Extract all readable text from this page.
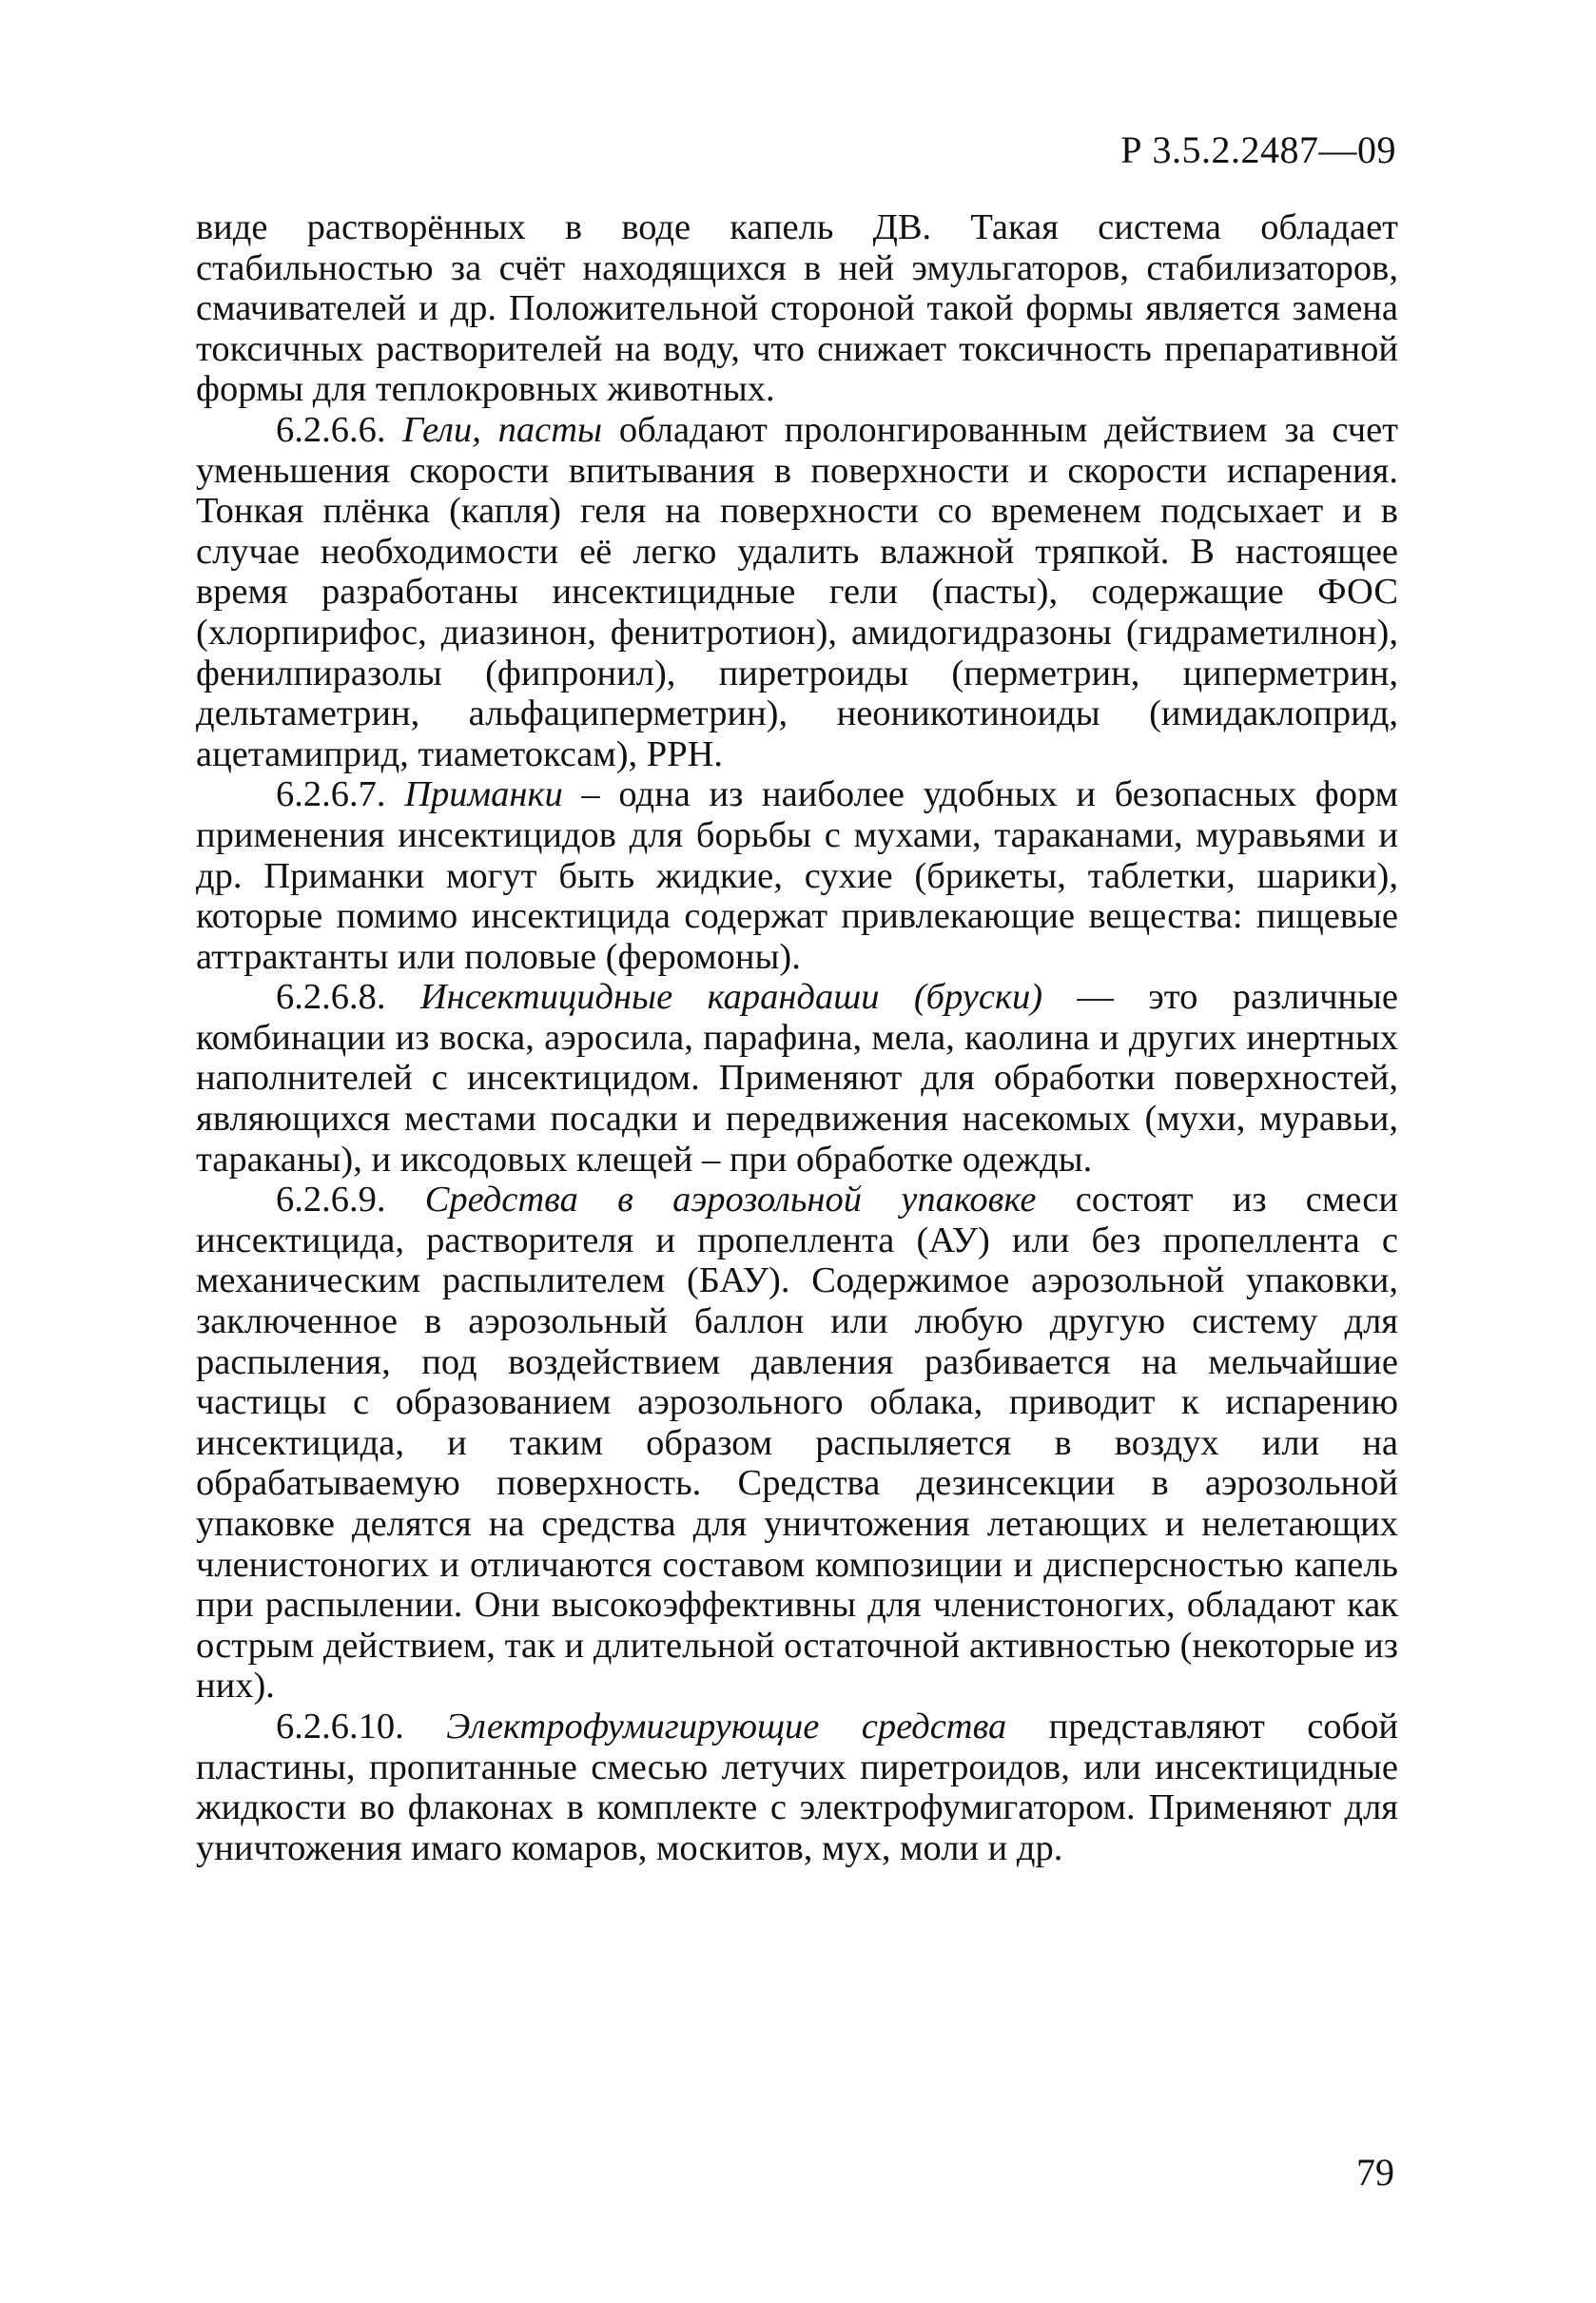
Р 3.5.2.2487—09

виде растворённых в воде капель ДВ. Такая система обладает стабильностью за счёт находящихся в ней эмульгаторов, стабилизаторов, смачивателей и др. Положительной стороной такой формы является замена токсичных растворителей на воду, что снижает токсичность препаративной формы для теплокровных животных.

6.2.6.6. Гели, пасты обладают пролонгированным действием за счет уменьшения скорости впитывания в поверхности и скорости испарения. Тонкая плёнка (капля) геля на поверхности со временем подсыхает и в случае необходимости её легко удалить влажной тряпкой. В настоящее время разработаны инсектицидные гели (пасты), содержащие ФОС (хлорпирифос, диазинон, фенитротион), амидогидразоны (гидраметилнон), фенилпиразолы (фипронил), пиретроиды (перметрин, циперметрин, дельтаметрин, альфациперметрин), неоникотиноиды (имидаклоприд, ацетамиприд, тиаметоксам), РРН.

6.2.6.7. Приманки – одна из наиболее удобных и безопасных форм применения инсектицидов для борьбы с мухами, тараканами, муравьями и др. Приманки могут быть жидкие, сухие (брикеты, таблетки, шарики), которые помимо инсектицида содержат привлекающие вещества: пищевые аттрактанты или половые (феромоны).

6.2.6.8. Инсектицидные карандаши (бруски) — это различные комбинации из воска, аэросила, парафина, мела, каолина и других инертных наполнителей с инсектицидом. Применяют для обработки поверхностей, являющихся местами посадки и передвижения насекомых (мухи, муравьи, тараканы), и иксодовых клещей – при обработке одежды.

6.2.6.9. Средства в аэрозольной упаковке состоят из смеси инсектицида, растворителя и пропеллента (АУ) или без пропеллента с механическим распылителем (БАУ). Содержимое аэрозольной упаковки, заключенное в аэрозольный баллон или любую другую систему для распыления, под воздействием давления разбивается на мельчайшие частицы с образованием аэрозольного облака, приводит к испарению инсектицида, и таким образом распыляется в воздух или на обрабатываемую поверхность. Средства дезинсекции в аэрозольной упаковке делятся на средства для уничтожения летающих и нелетающих членистоногих и отличаются составом композиции и дисперсностью капель при распылении. Они высокоэффективны для членистоногих, обладают как острым действием, так и длительной остаточной активностью (некоторые из них).

6.2.6.10. Электрофумигирующие средства представляют собой пластины, пропитанные смесью летучих пиретроидов, или инсектицидные жидкости во флаконах в комплекте с электрофумигатором. Применяют для уничтожения имаго комаров, москитов, мух, моли и др.

79
